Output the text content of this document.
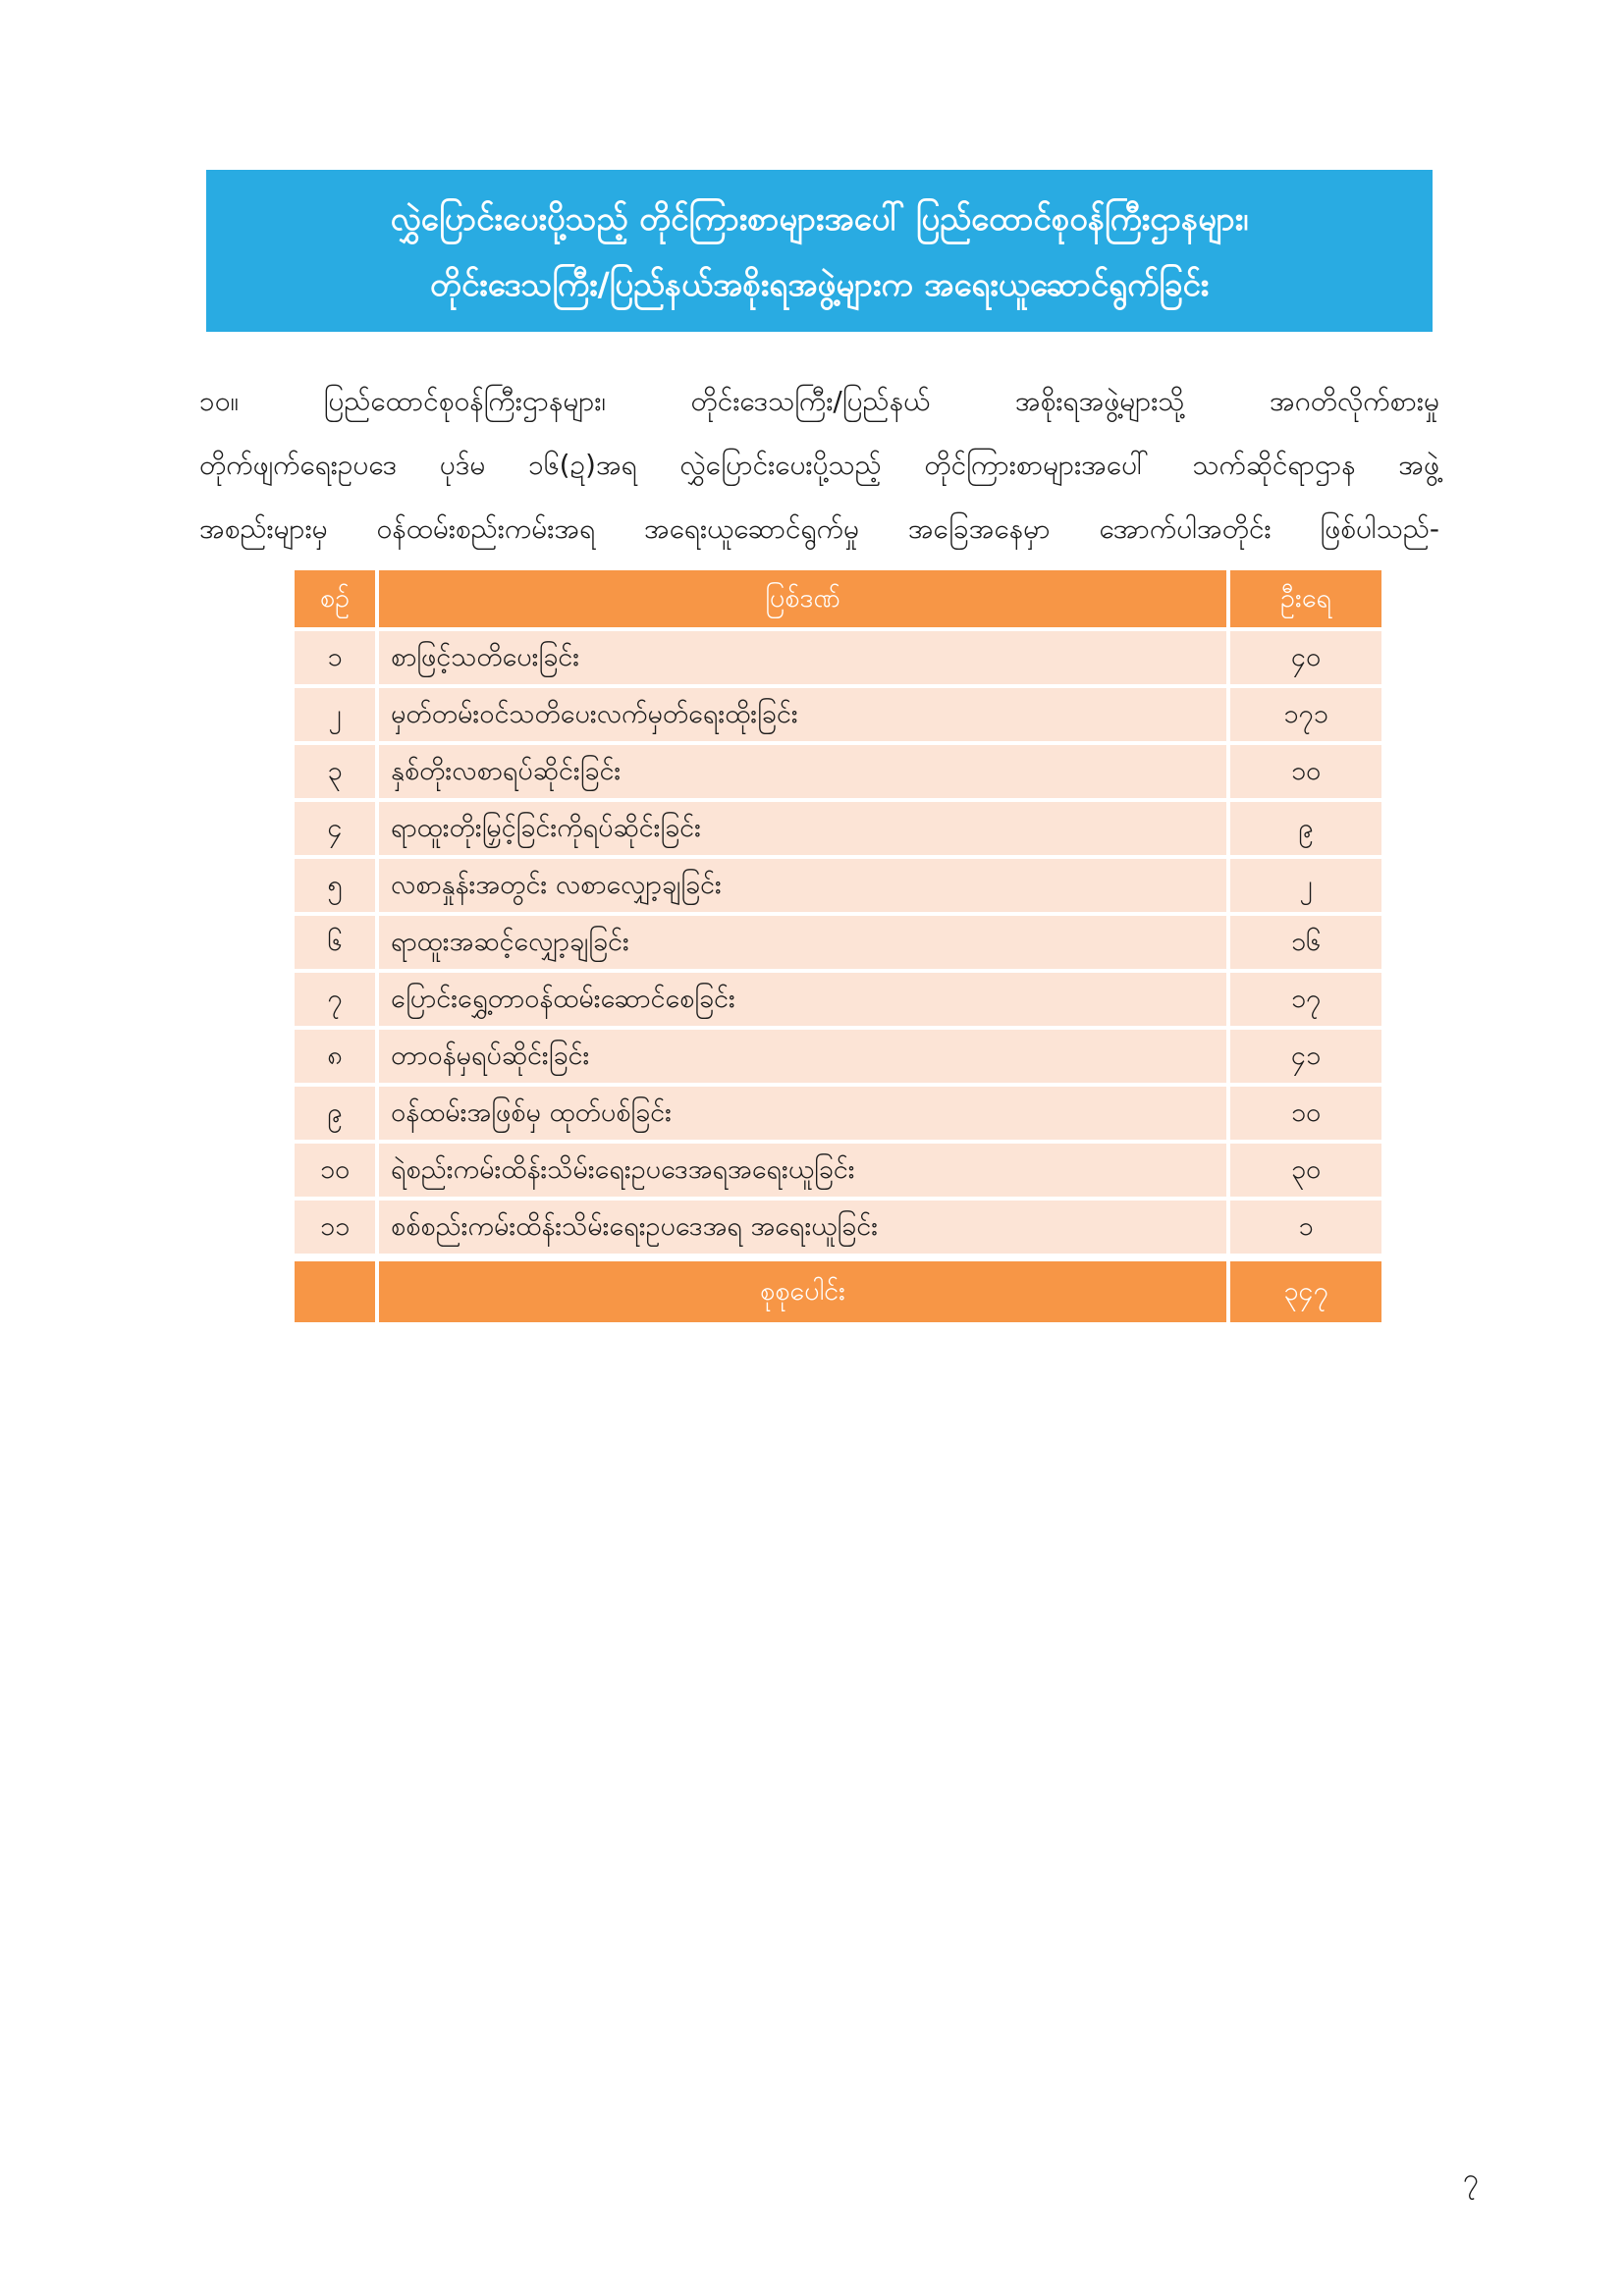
လွှဲပြောင်းပေးပို့သည့် တိုင်ကြားစာများအပေါ် ပြည်ထောင်စုဝန်ကြီးဌာနများ၊
တိုင်းဒေသကြီး/ပြည်နယ်အစိုးရအဖွဲ့များက အရေးယူဆောင်ရွက်ခြင်း
၁၀။	ပြည်ထောင်စုဝန်ကြီးဌာနများ၊ တိုင်းဒေသကြီး/ပြည်နယ် အစိုးရအဖွဲ့များသို့ အဂတိလိုက်စားမှု
တိုက်ဖျက်ရေးဥပဒေ ပုဒ်မ ၁၆(ဍ)အရ လွှဲပြောင်းပေးပို့သည့် တိုင်ကြားစာများအပေါ် သက်ဆိုင်ရာဌာန အဖွဲ့
အစည်းများမှ ဝန်ထမ်းစည်းကမ်းအရ အရေးယူဆောင်ရွက်မှု အခြေအနေမှာ အောက်ပါအတိုင်း ဖြစ်ပါသည်-
စဉ်	ပြစ်ဒဏ်	ဦးရေ
၁	စာဖြင့်သတိပေးခြင်း	၄၀
၂	မှတ်တမ်းဝင်သတိပေးလက်မှတ်ရေးထိုးခြင်း	၁၇၁
၃	နှစ်တိုးလစာရပ်ဆိုင်းခြင်း	၁၀
၄	ရာထူးတိုးမြှင့်ခြင်းကိုရပ်ဆိုင်းခြင်း	၉
၅	လစာနှုန်းအတွင်း လစာလျှော့ချခြင်း	၂
၆	ရာထူးအဆင့်လျှော့ချခြင်း	၁၆
၇	ပြောင်းရွှေ့တာဝန်ထမ်းဆောင်စေခြင်း	၁၇
၈	တာဝန်မှရပ်ဆိုင်းခြင်း	၄၁
၉	ဝန်ထမ်းအဖြစ်မှ ထုတ်ပစ်ခြင်း	၁၀
၁၀	ရဲစည်းကမ်းထိန်းသိမ်းရေးဥပဒေအရအရေးယူခြင်း	၃၀
၁၁	စစ်စည်းကမ်းထိန်းသိမ်းရေးဥပဒေအရ အရေးယူခြင်း	၁
	စုစုပေါင်း	၃၄၇
၇
